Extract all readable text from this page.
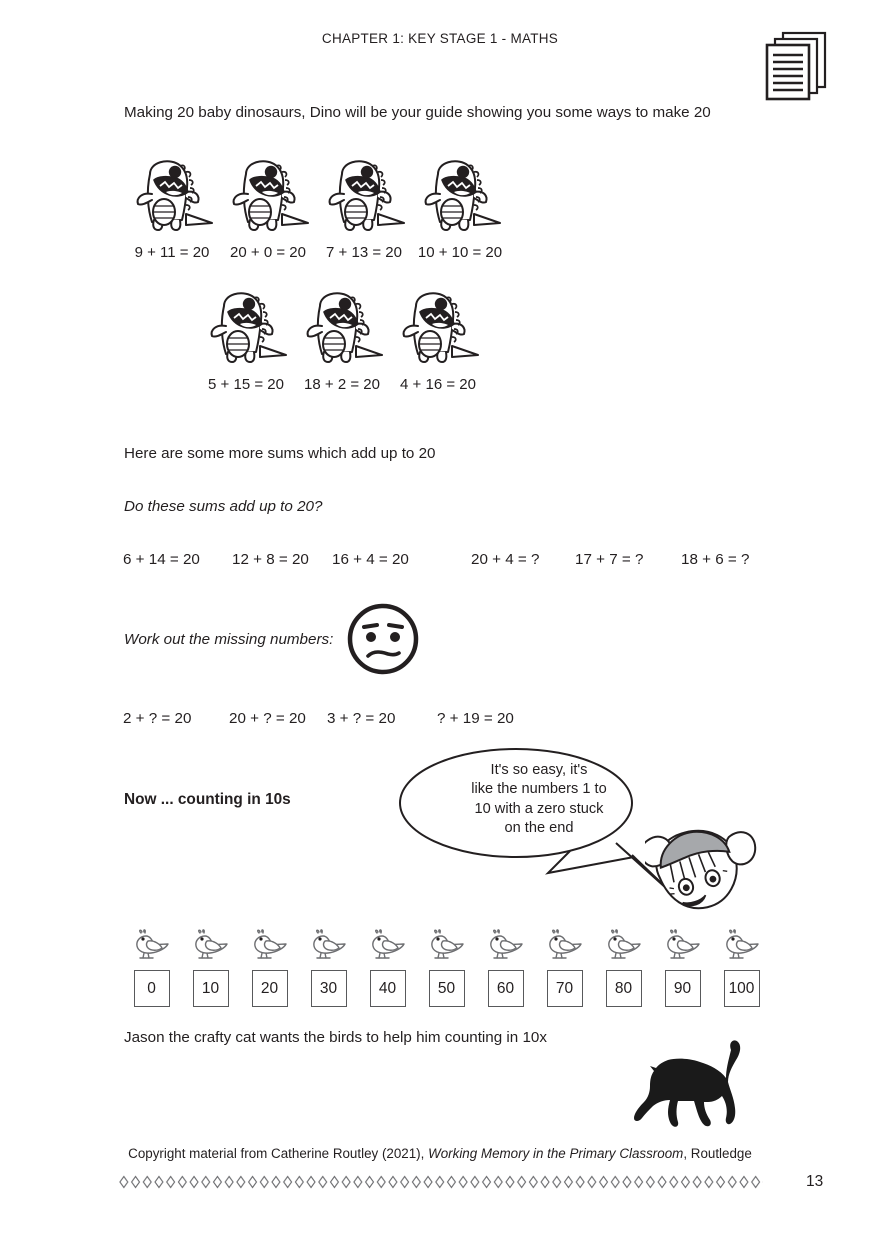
CHAPTER 1: KEY STAGE 1 - MATHS
Making 20 baby dinosaurs, Dino will be your guide showing you some ways to make 20
9 + 11 = 20 20 + 0 = 20 7 + 13 = 20 10 + 10 = 20
5 + 15 = 20 18 + 2 = 20 4 + 16 = 20
Here are some more sums which add up to 20
Do these sums add up to 20?
6 + 14 = 20 12 + 8 = 20 16 + 4 = 20	20 + 4 = ? 17 + 7 = ? 18 + 6 = ?
Work out the missing numbers:
2 + ? = 20 20 + ? = 20 3 + ? = 20	? + 19 = 20
Now ... counting in 10s
It's so easy, it's
like the numbers 1 to
10 with a zero stuck
on the end
0	10	20	30	40	50	60	70	80	90	100
Jason the crafty cat wants the birds to help him counting in 10x
Copyright material from Catherine Routley (2021), Working Memory in the Primary Classroom, Routledge
13
